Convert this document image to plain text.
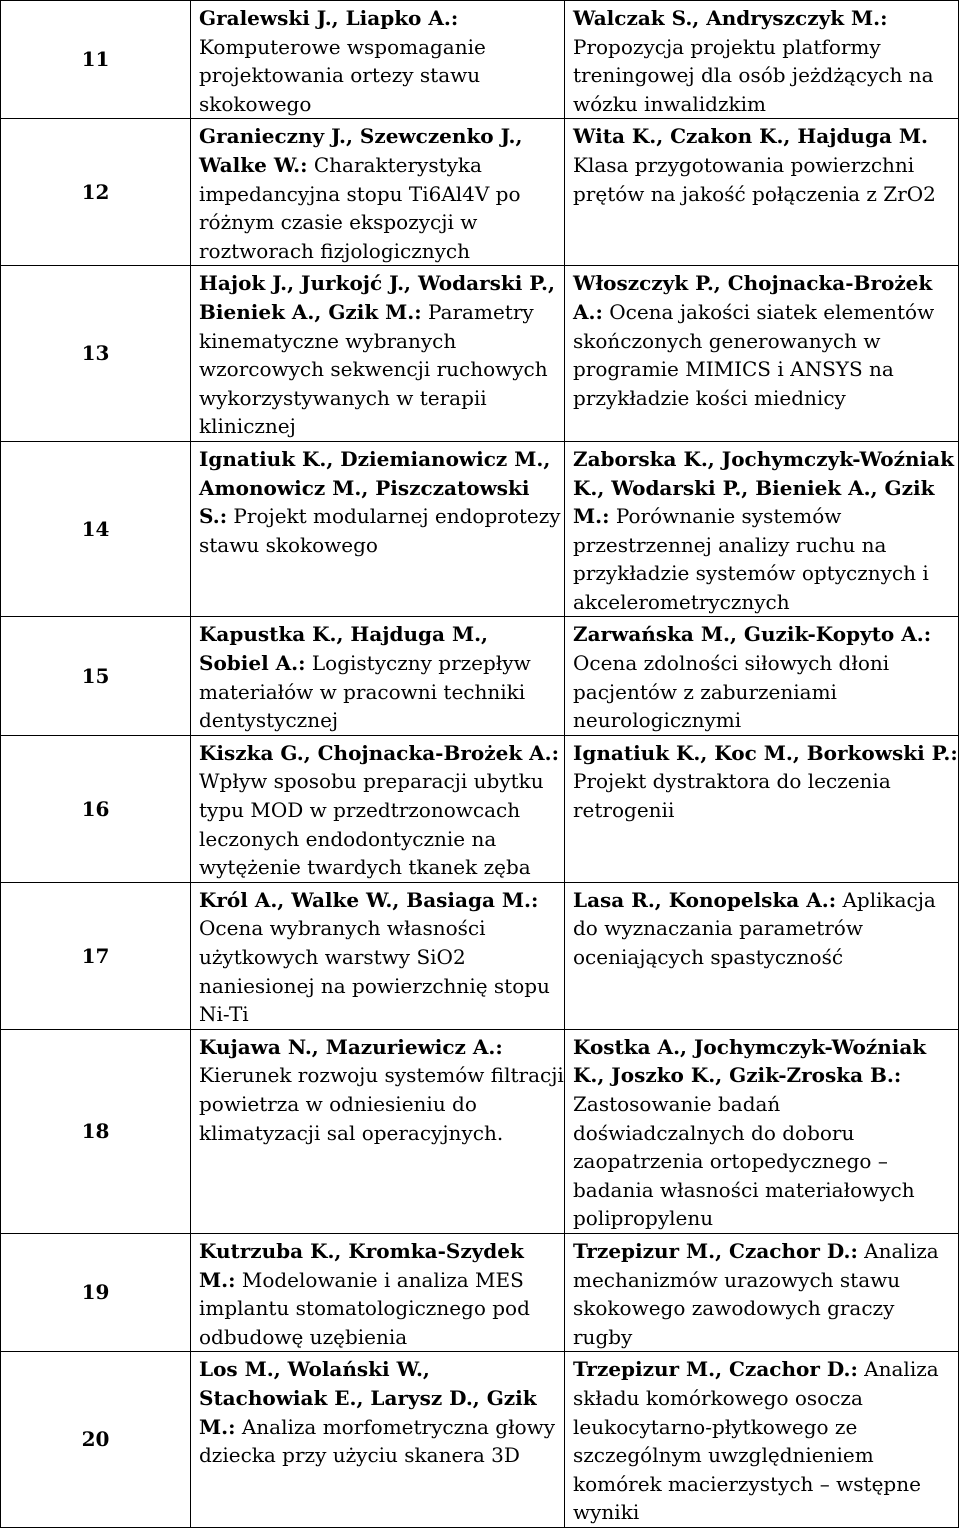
11	Gralewski J., Liapko A.: Komputerowe wspomaganie projektowania ortezy stawu skokowego	Walczak S., Andryszczyk M.: Propozycja projektu platformy treningowej dla osób jeżdżących na wózku inwalidzkim
12	Granieczny J., Szewczenko J., Walke W.: Charakterystyka impedancyjna stopu Ti6Al4V po różnym czasie ekspozycji w roztworach fizjologicznych	Wita K., Czakon K., Hajduga M. Klasa przygotowania powierzchni prętów na jakość połączenia z ZrO2
13	Hajok J., Jurkojć J., Wodarski P., Bieniek A., Gzik M.: Parametry kinematyczne wybranych wzorcowych sekwencji ruchowych wykorzystywanych w terapii klinicznej	Włoszczyk P., Chojnacka-Brożek A.: Ocena jakości siatek elementów skończonych generowanych w programie MIMICS i ANSYS na przykładzie kości miednicy
14	Ignatiuk K., Dziemianowicz M., Amonowicz M., Piszczatowski S.: Projekt modularnej endoprotezy stawu skokowego	Zaborska K., Jochymczyk-Woźniak K., Wodarski P., Bieniek A., Gzik M.: Porównanie systemów przestrzennej analizy ruchu na przykładzie systemów optycznych i akcelerometrycznych
15	Kapustka K., Hajduga M., Sobiel A.: Logistyczny przepływ materiałów w pracowni techniki dentystycznej	Zarwańska M., Guzik-Kopyto A.: Ocena zdolności siłowych dłoni pacjentów z zaburzeniami neurologicznymi
16	Kiszka G., Chojnacka-Brożek A.: Wpływ sposobu preparacji ubytku typu MOD w przedtrzonowcach leczonych endodontycznie na wytężenie twardych tkanek zęba	Ignatiuk K., Koc M., Borkowski P.: Projekt dystraktora do leczenia retrogenii
17	Król A., Walke W., Basiaga M.: Ocena wybranych własności użytkowych warstwy SiO2 naniesionej na powierzchnię stopu Ni-Ti	Lasa R., Konopelska A.: Aplikacja do wyznaczania parametrów oceniających spastyczność
18	Kujawa N., Mazuriewicz A.: Kierunek rozwoju systemów filtracji powietrza w odniesieniu do klimatyzacji sal operacyjnych.	Kostka A., Jochymczyk-Woźniak K., Joszko K., Gzik-Zroska B.: Zastosowanie badań doświadczalnych do doboru zaopatrzenia ortopedycznego – badania własności materiałowych polipropylenu
19	Kutrzuba K., Kromka-Szydek M.: Modelowanie i analiza MES implantu stomatologicznego pod odbudowę uzębienia	Trzepizur M., Czachor D.: Analiza mechanizmów urazowych stawu skokowego zawodowych graczy rugby
20	Los M., Wolański W., Stachowiak E., Larysz D., Gzik M.: Analiza morfometryczna głowy dziecka przy użyciu skanera 3D	Trzepizur M., Czachor D.: Analiza składu komórkowego osocza leukocytarno-płytkowego ze szczególnym uwzględnieniem komórek macierzystych – wstępne wyniki
